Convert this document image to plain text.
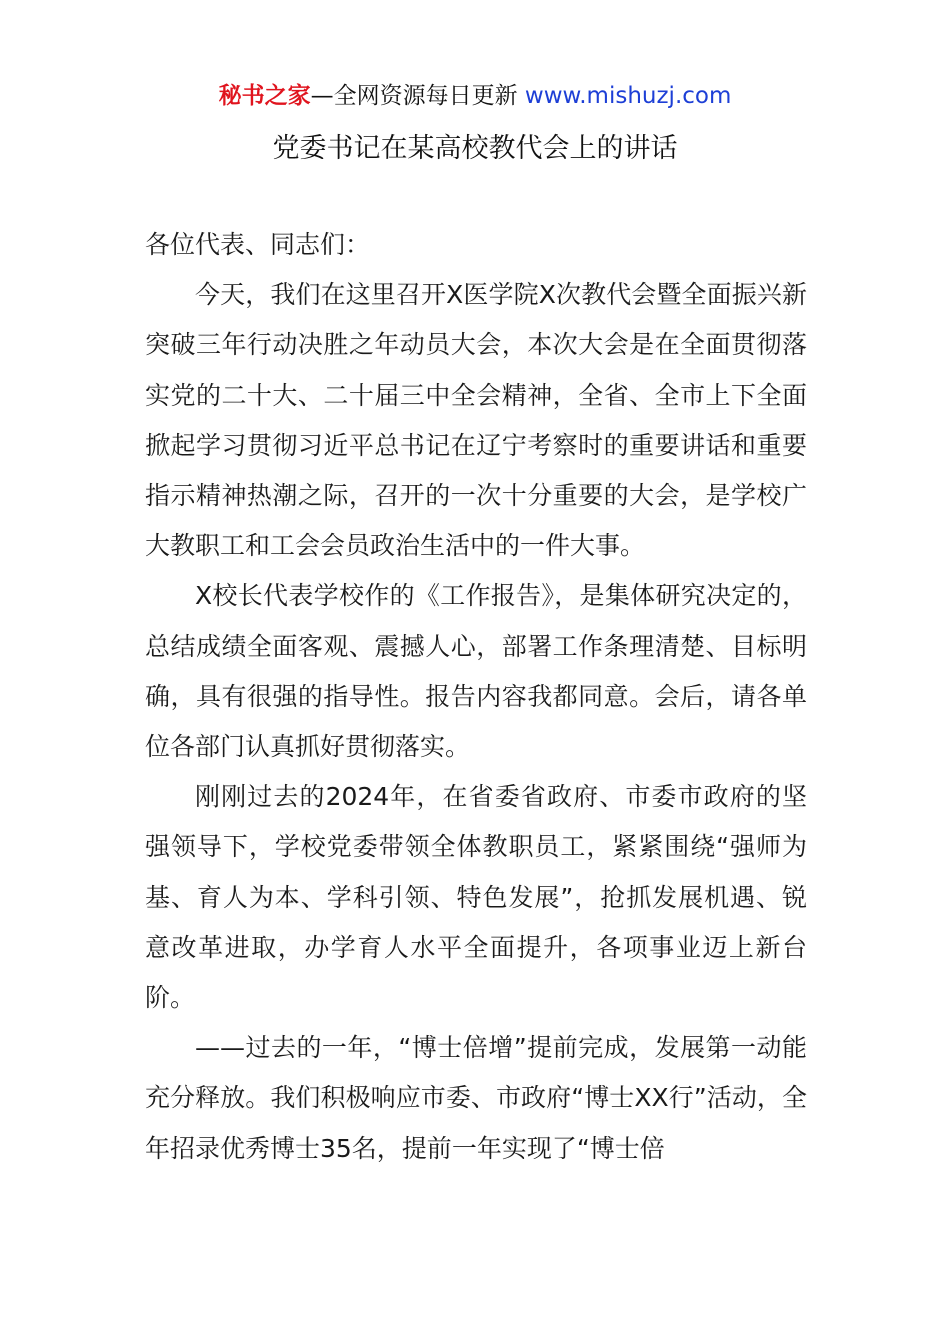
秘书之家—全网资源每日更新 www.mishuzj.com
党委书记在某高校教代会上的讲话

各位代表、同志们：

今天，我们在这里召开X医学院X次教代会暨全面振兴新突破三年行动决胜之年动员大会，本次大会是在全面贯彻落实党的二十大、二十届三中全会精神，全省、全市上下全面掀起学习贯彻习近平总书记在辽宁考察时的重要讲话和重要指示精神热潮之际，召开的一次十分重要的大会，是学校广大教职工和工会会员政治生活中的一件大事。

X校长代表学校作的《工作报告》，是集体研究决定的，总结成绩全面客观、震撼人心，部署工作条理清楚、目标明确，具有很强的指导性。报告内容我都同意。会后，请各单位各部门认真抓好贯彻落实。

刚刚过去的2024年，在省委省政府、市委市政府的坚强领导下，学校党委带领全体教职员工，紧紧围绕“强师为基、育人为本、学科引领、特色发展”，抢抓发展机遇、锐意改革进取，办学育人水平全面提升，各项事业迈上新台阶。

——过去的一年，“博士倍增”提前完成，发展第一动能充分释放。我们积极响应市委、市政府“博士XX行”活动，全年招录优秀博士35名，提前一年实现了“博士倍
